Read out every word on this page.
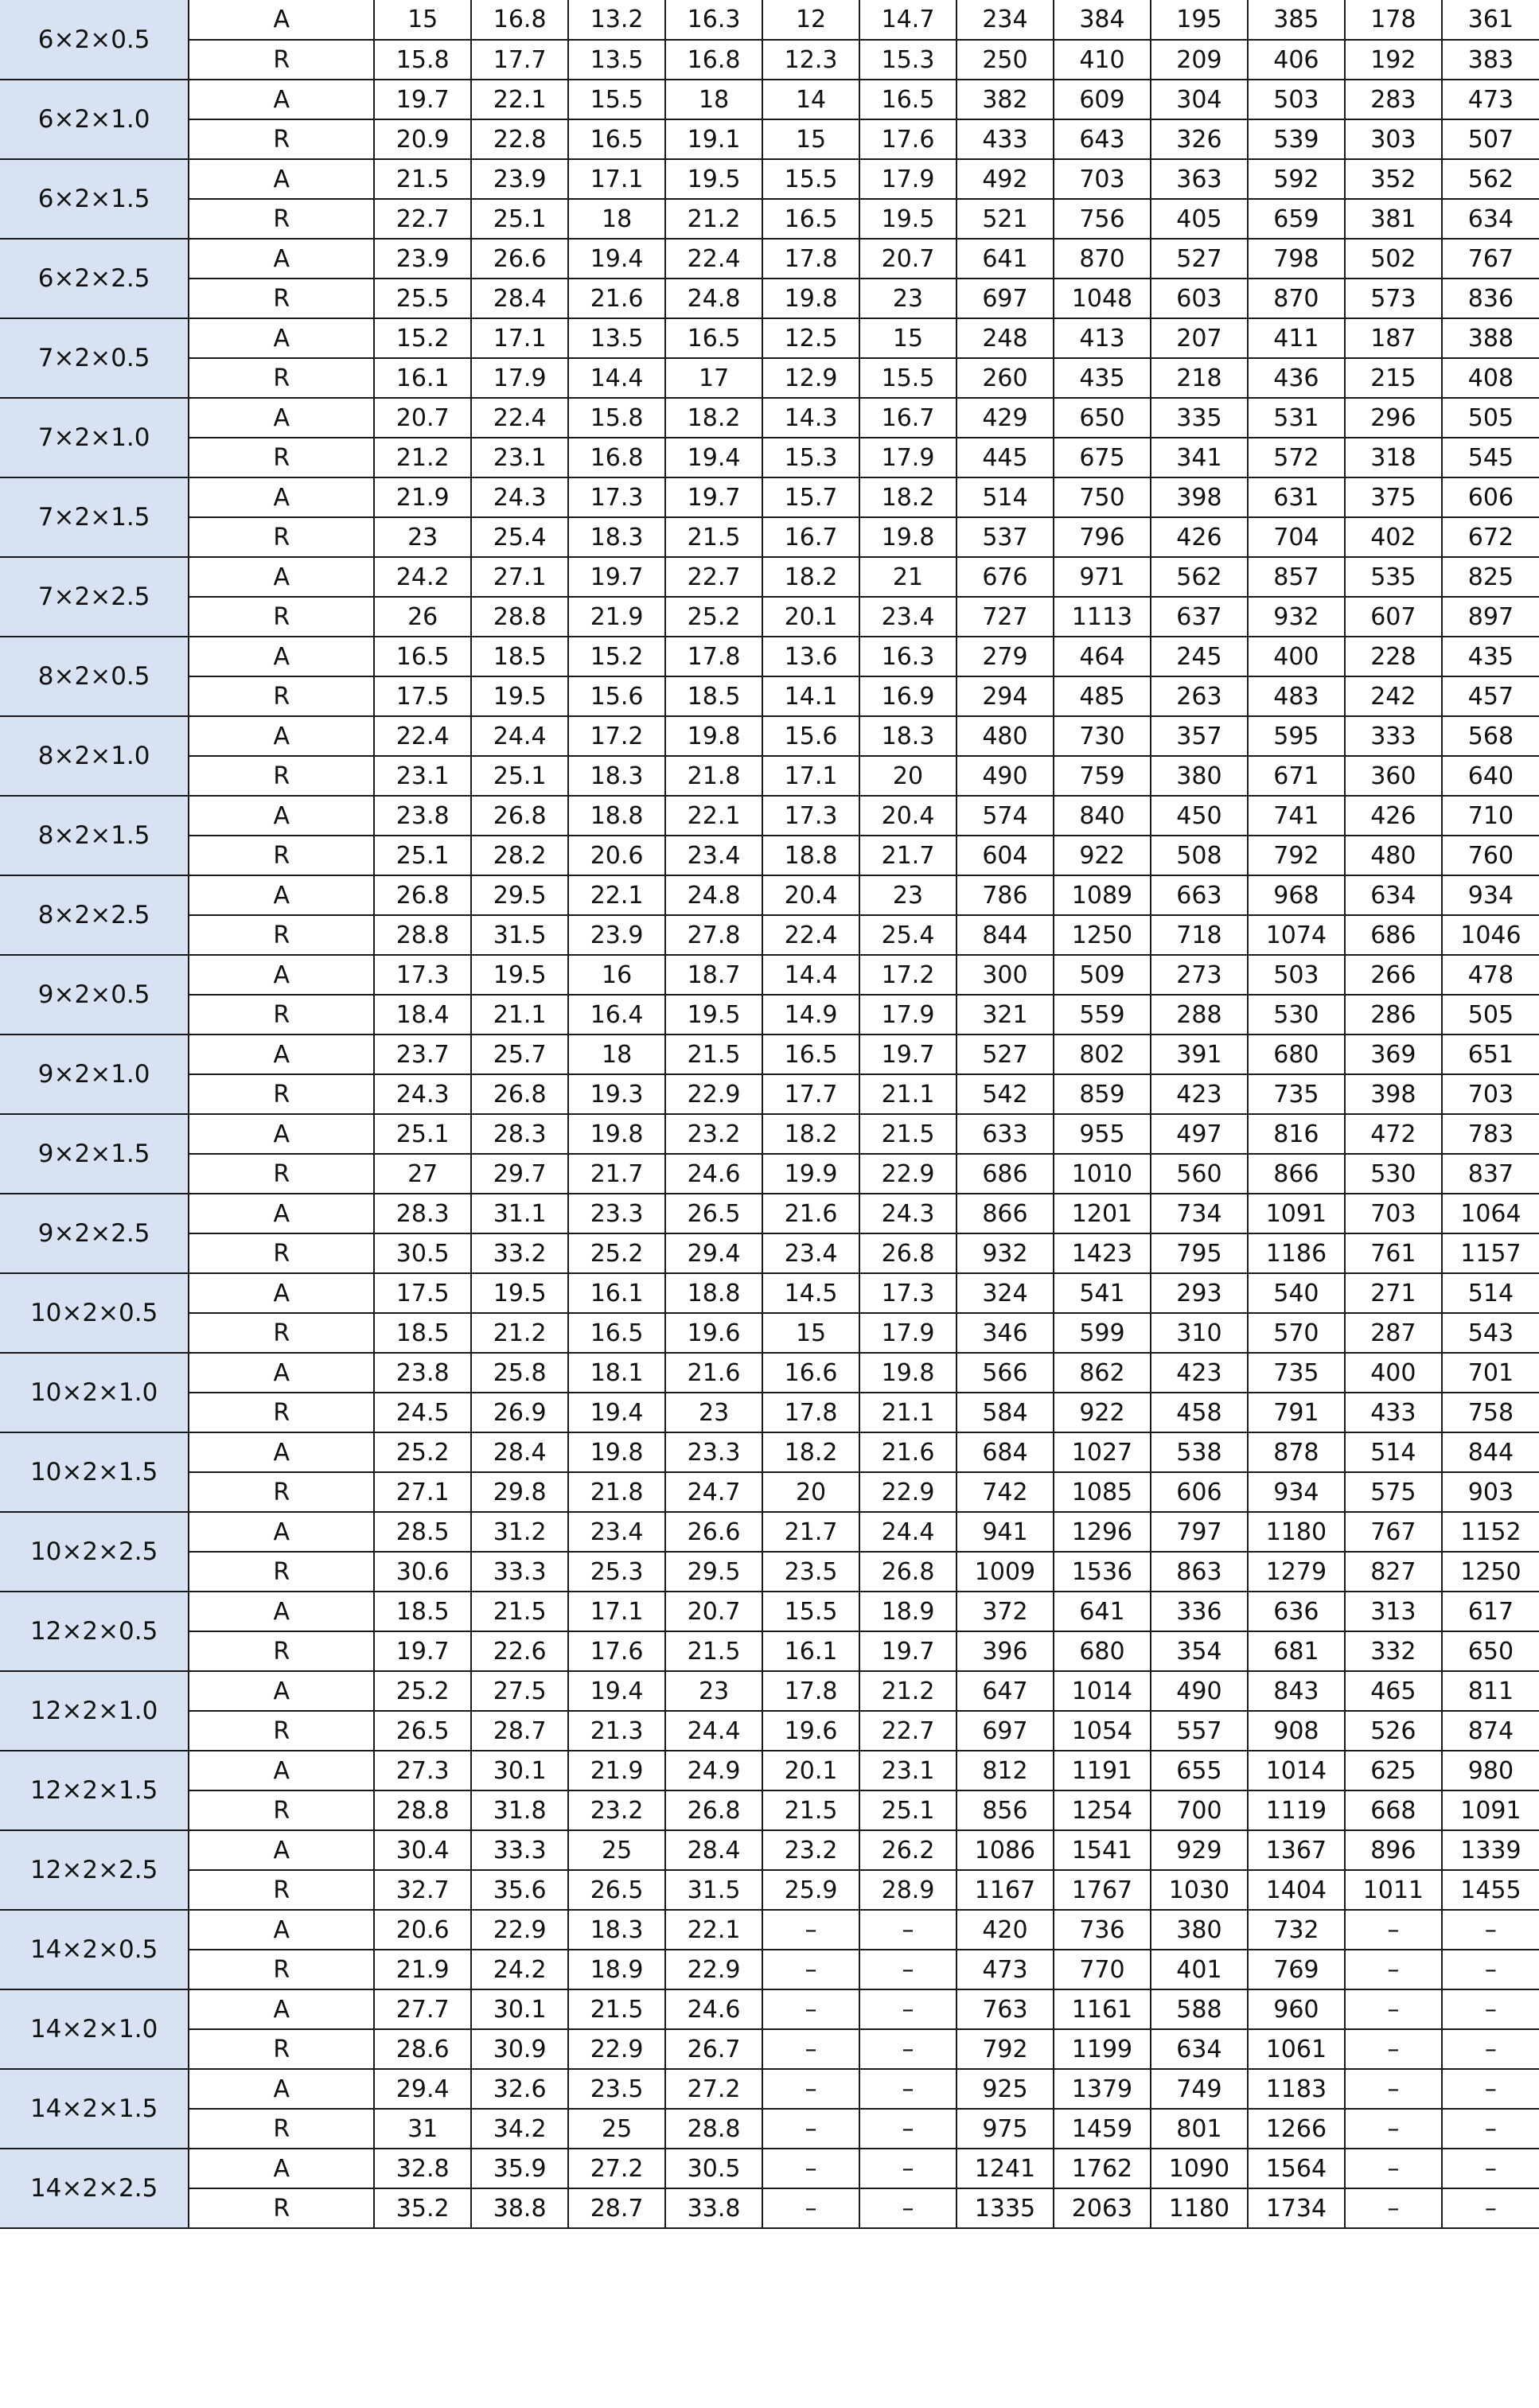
6×2×0.5	A	15	16.8	13.2	16.3	12	14.7	234	384	195	385	178	361
	R	15.8	17.7	13.5	16.8	12.3	15.3	250	410	209	406	192	383
6×2×1.0	A	19.7	22.1	15.5	18	14	16.5	382	609	304	503	283	473
	R	20.9	22.8	16.5	19.1	15	17.6	433	643	326	539	303	507
6×2×1.5	A	21.5	23.9	17.1	19.5	15.5	17.9	492	703	363	592	352	562
	R	22.7	25.1	18	21.2	16.5	19.5	521	756	405	659	381	634
6×2×2.5	A	23.9	26.6	19.4	22.4	17.8	20.7	641	870	527	798	502	767
	R	25.5	28.4	21.6	24.8	19.8	23	697	1048	603	870	573	836
7×2×0.5	A	15.2	17.1	13.5	16.5	12.5	15	248	413	207	411	187	388
	R	16.1	17.9	14.4	17	12.9	15.5	260	435	218	436	215	408
7×2×1.0	A	20.7	22.4	15.8	18.2	14.3	16.7	429	650	335	531	296	505
	R	21.2	23.1	16.8	19.4	15.3	17.9	445	675	341	572	318	545
7×2×1.5	A	21.9	24.3	17.3	19.7	15.7	18.2	514	750	398	631	375	606
	R	23	25.4	18.3	21.5	16.7	19.8	537	796	426	704	402	672
7×2×2.5	A	24.2	27.1	19.7	22.7	18.2	21	676	971	562	857	535	825
	R	26	28.8	21.9	25.2	20.1	23.4	727	1113	637	932	607	897
8×2×0.5	A	16.5	18.5	15.2	17.8	13.6	16.3	279	464	245	400	228	435
	R	17.5	19.5	15.6	18.5	14.1	16.9	294	485	263	483	242	457
8×2×1.0	A	22.4	24.4	17.2	19.8	15.6	18.3	480	730	357	595	333	568
	R	23.1	25.1	18.3	21.8	17.1	20	490	759	380	671	360	640
8×2×1.5	A	23.8	26.8	18.8	22.1	17.3	20.4	574	840	450	741	426	710
	R	25.1	28.2	20.6	23.4	18.8	21.7	604	922	508	792	480	760
8×2×2.5	A	26.8	29.5	22.1	24.8	20.4	23	786	1089	663	968	634	934
	R	28.8	31.5	23.9	27.8	22.4	25.4	844	1250	718	1074	686	1046
9×2×0.5	A	17.3	19.5	16	18.7	14.4	17.2	300	509	273	503	266	478
	R	18.4	21.1	16.4	19.5	14.9	17.9	321	559	288	530	286	505
9×2×1.0	A	23.7	25.7	18	21.5	16.5	19.7	527	802	391	680	369	651
	R	24.3	26.8	19.3	22.9	17.7	21.1	542	859	423	735	398	703
9×2×1.5	A	25.1	28.3	19.8	23.2	18.2	21.5	633	955	497	816	472	783
	R	27	29.7	21.7	24.6	19.9	22.9	686	1010	560	866	530	837
9×2×2.5	A	28.3	31.1	23.3	26.5	21.6	24.3	866	1201	734	1091	703	1064
	R	30.5	33.2	25.2	29.4	23.4	26.8	932	1423	795	1186	761	1157
10×2×0.5	A	17.5	19.5	16.1	18.8	14.5	17.3	324	541	293	540	271	514
	R	18.5	21.2	16.5	19.6	15	17.9	346	599	310	570	287	543
10×2×1.0	A	23.8	25.8	18.1	21.6	16.6	19.8	566	862	423	735	400	701
	R	24.5	26.9	19.4	23	17.8	21.1	584	922	458	791	433	758
10×2×1.5	A	25.2	28.4	19.8	23.3	18.2	21.6	684	1027	538	878	514	844
	R	27.1	29.8	21.8	24.7	20	22.9	742	1085	606	934	575	903
10×2×2.5	A	28.5	31.2	23.4	26.6	21.7	24.4	941	1296	797	1180	767	1152
	R	30.6	33.3	25.3	29.5	23.5	26.8	1009	1536	863	1279	827	1250
12×2×0.5	A	18.5	21.5	17.1	20.7	15.5	18.9	372	641	336	636	313	617
	R	19.7	22.6	17.6	21.5	16.1	19.7	396	680	354	681	332	650
12×2×1.0	A	25.2	27.5	19.4	23	17.8	21.2	647	1014	490	843	465	811
	R	26.5	28.7	21.3	24.4	19.6	22.7	697	1054	557	908	526	874
12×2×1.5	A	27.3	30.1	21.9	24.9	20.1	23.1	812	1191	655	1014	625	980
	R	28.8	31.8	23.2	26.8	21.5	25.1	856	1254	700	1119	668	1091
12×2×2.5	A	30.4	33.3	25	28.4	23.2	26.2	1086	1541	929	1367	896	1339
	R	32.7	35.6	26.5	31.5	25.9	28.9	1167	1767	1030	1404	1011	1455
14×2×0.5	A	20.6	22.9	18.3	22.1	–	–	420	736	380	732	–	–
	R	21.9	24.2	18.9	22.9	–	–	473	770	401	769	–	–
14×2×1.0	A	27.7	30.1	21.5	24.6	–	–	763	1161	588	960	–	–
	R	28.6	30.9	22.9	26.7	–	–	792	1199	634	1061	–	–
14×2×1.5	A	29.4	32.6	23.5	27.2	–	–	925	1379	749	1183	–	–
	R	31	34.2	25	28.8	–	–	975	1459	801	1266	–	–
14×2×2.5	A	32.8	35.9	27.2	30.5	–	–	1241	1762	1090	1564	–	–
	R	35.2	38.8	28.7	33.8	–	–	1335	2063	1180	1734	–	–
